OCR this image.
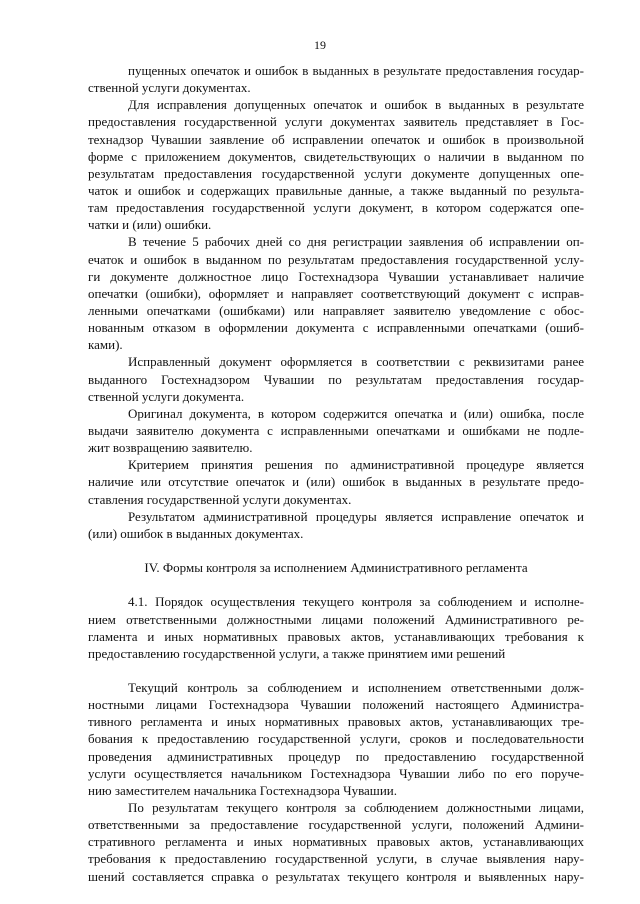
19
пущенных опечаток и ошибок в выданных в результате предоставления государ-
ственной услуги документах.
Для исправления допущенных опечаток и ошибок в выданных в результате
предоставления государственной услуги документах заявитель представляет в Гос-
технадзор Чувашии заявление об исправлении опечаток и ошибок в произвольной
форме с приложением документов, свидетельствующих о наличии в выданном по
результатам предоставления государственной услуги документе допущенных опе-
чаток и ошибок и содержащих правильные данные, а также выданный по результа-
там предоставления государственной услуги документ, в котором содержатся опе-
чатки и (или) ошибки.
В течение 5 рабочих дней со дня регистрации заявления об исправлении оп-
ечаток и ошибок в выданном по результатам предоставления государственной услу-
ги документе должностное лицо Гостехнадзора Чувашии устанавливает наличие
опечатки (ошибки), оформляет и направляет соответствующий документ с исправ-
ленными опечатками (ошибками) или направляет заявителю уведомление с обос-
нованным отказом в оформлении документа с исправленными опечатками (ошиб-
ками).
Исправленный документ оформляется в соответствии с реквизитами ранее
выданного Гостехнадзором Чувашии по результатам предоставления государ-
ственной услуги документа.
Оригинал документа, в котором содержится опечатка и (или) ошибка, после
выдачи заявителю документа с исправленными опечатками и ошибками не подле-
жит возвращению заявителю.
Критерием принятия решения по административной процедуре является
наличие или отсутствие опечаток и (или) ошибок в выданных в результате предо-
ставления государственной услуги документах.
Результатом административной процедуры является исправление опечаток и
(или) ошибок в выданных документах.
IV. Формы контроля за исполнением Административного регламента
4.1. Порядок осуществления текущего контроля за соблюдением и исполне-
нием ответственными должностными лицами положений Административного ре-
гламента и иных нормативных правовых актов, устанавливающих требования к
предоставлению государственной услуги, а также принятием ими решений
Текущий контроль за соблюдением и исполнением ответственными долж-
ностными лицами Гостехнадзора Чувашии положений настоящего Администра-
тивного регламента и иных нормативных правовых актов, устанавливающих тре-
бования к предоставлению государственной услуги, сроков и последовательности
проведения административных процедур по предоставлению государственной
услуги осуществляется начальником Гостехнадзора Чувашии либо по его поруче-
нию заместителем начальника Гостехнадзора Чувашии.
По результатам текущего контроля за соблюдением должностными лицами,
ответственными за предоставление государственной услуги, положений Админи-
стративного регламента и иных нормативных правовых актов, устанавливающих
требования к предоставлению государственной услуги, в случае выявления нару-
шений составляется справка о результатах текущего контроля и выявленных нару-
